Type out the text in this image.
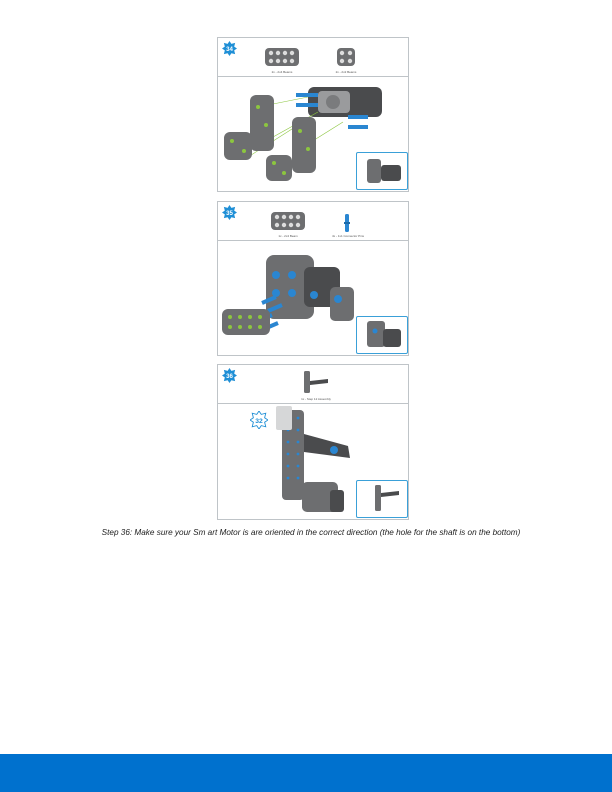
34
2x - 2x4 Beams	2x - 2x2 Beams
35
1x - 2x4 Beam	4x - 1x1 Connector Pins
36
1x - Step 12 Assembly
32
Step 36: Make sure your Sm art Motor is are oriented in the correct direction (the hole for the shaft is on the bottom)
